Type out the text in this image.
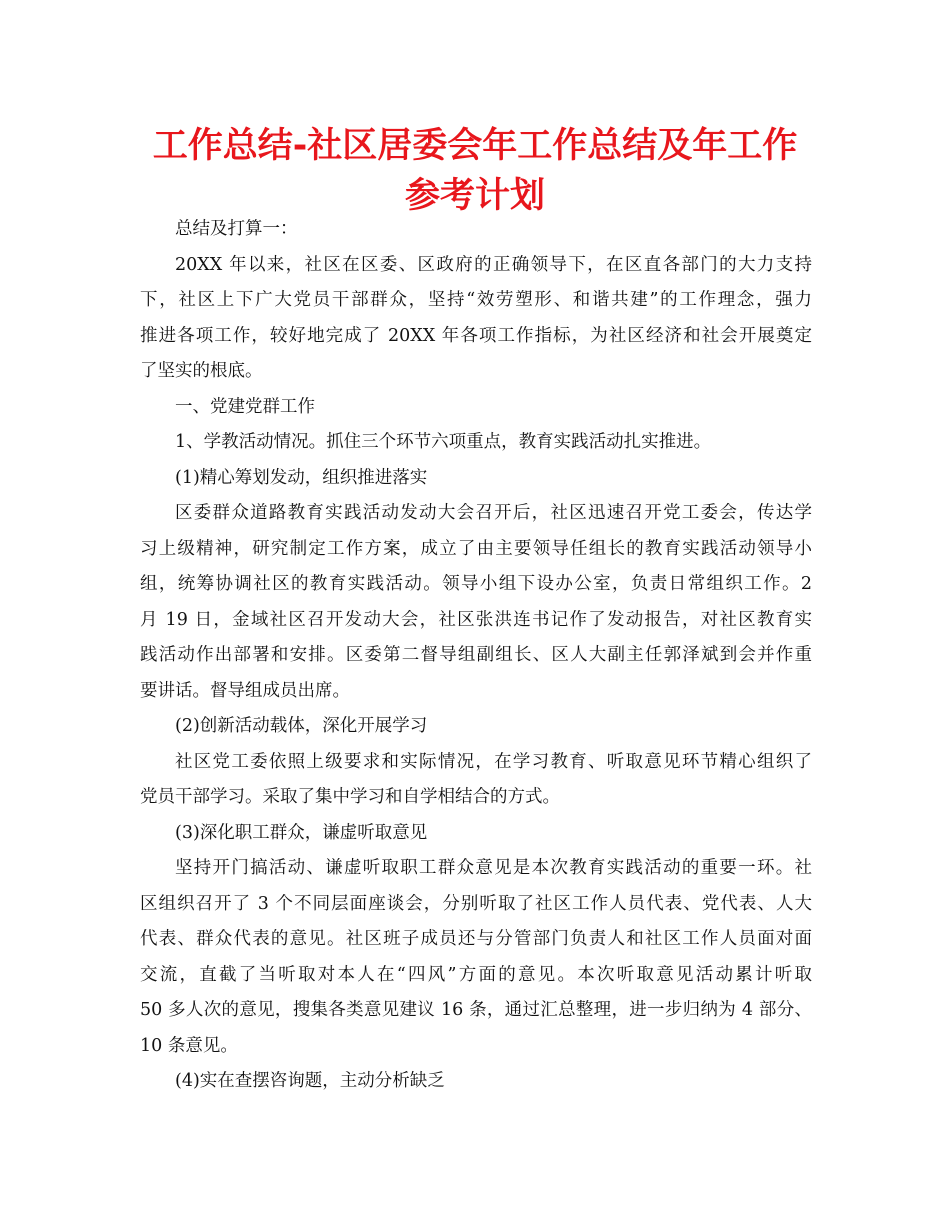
工作总结-社区居委会年工作总结及年工作
参考计划
总结及打算一：
20XX 年以来，社区在区委、区政府的正确领导下，在区直各部门的大力支持
下，社区上下广大党员干部群众，坚持“效劳塑形、和谐共建”的工作理念，强力
推进各项工作，较好地完成了 20XX 年各项工作指标，为社区经济和社会开展奠定
了坚实的根底。
一、党建党群工作
1、学教活动情况。抓住三个环节六项重点，教育实践活动扎实推进。
(1)精心筹划发动，组织推进落实
区委群众道路教育实践活动发动大会召开后，社区迅速召开党工委会，传达学
习上级精神，研究制定工作方案，成立了由主要领导任组长的教育实践活动领导小
组，统筹协调社区的教育实践活动。领导小组下设办公室，负责日常组织工作。2
月 19 日，金域社区召开发动大会，社区张洪连书记作了发动报告，对社区教育实
践活动作出部署和安排。区委第二督导组副组长、区人大副主任郭泽斌到会并作重
要讲话。督导组成员出席。
(2)创新活动载体，深化开展学习
社区党工委依照上级要求和实际情况，在学习教育、听取意见环节精心组织了
党员干部学习。采取了集中学习和自学相结合的方式。
(3)深化职工群众，谦虚听取意见
坚持开门搞活动、谦虚听取职工群众意见是本次教育实践活动的重要一环。社
区组织召开了 3 个不同层面座谈会，分别听取了社区工作人员代表、党代表、人大
代表、群众代表的意见。社区班子成员还与分管部门负责人和社区工作人员面对面
交流，直截了当听取对本人在“四风”方面的意见。本次听取意见活动累计听取
50 多人次的意见，搜集各类意见建议 16 条，通过汇总整理，进一步归纳为 4 部分、
10 条意见。
(4)实在查摆咨询题，主动分析缺乏
